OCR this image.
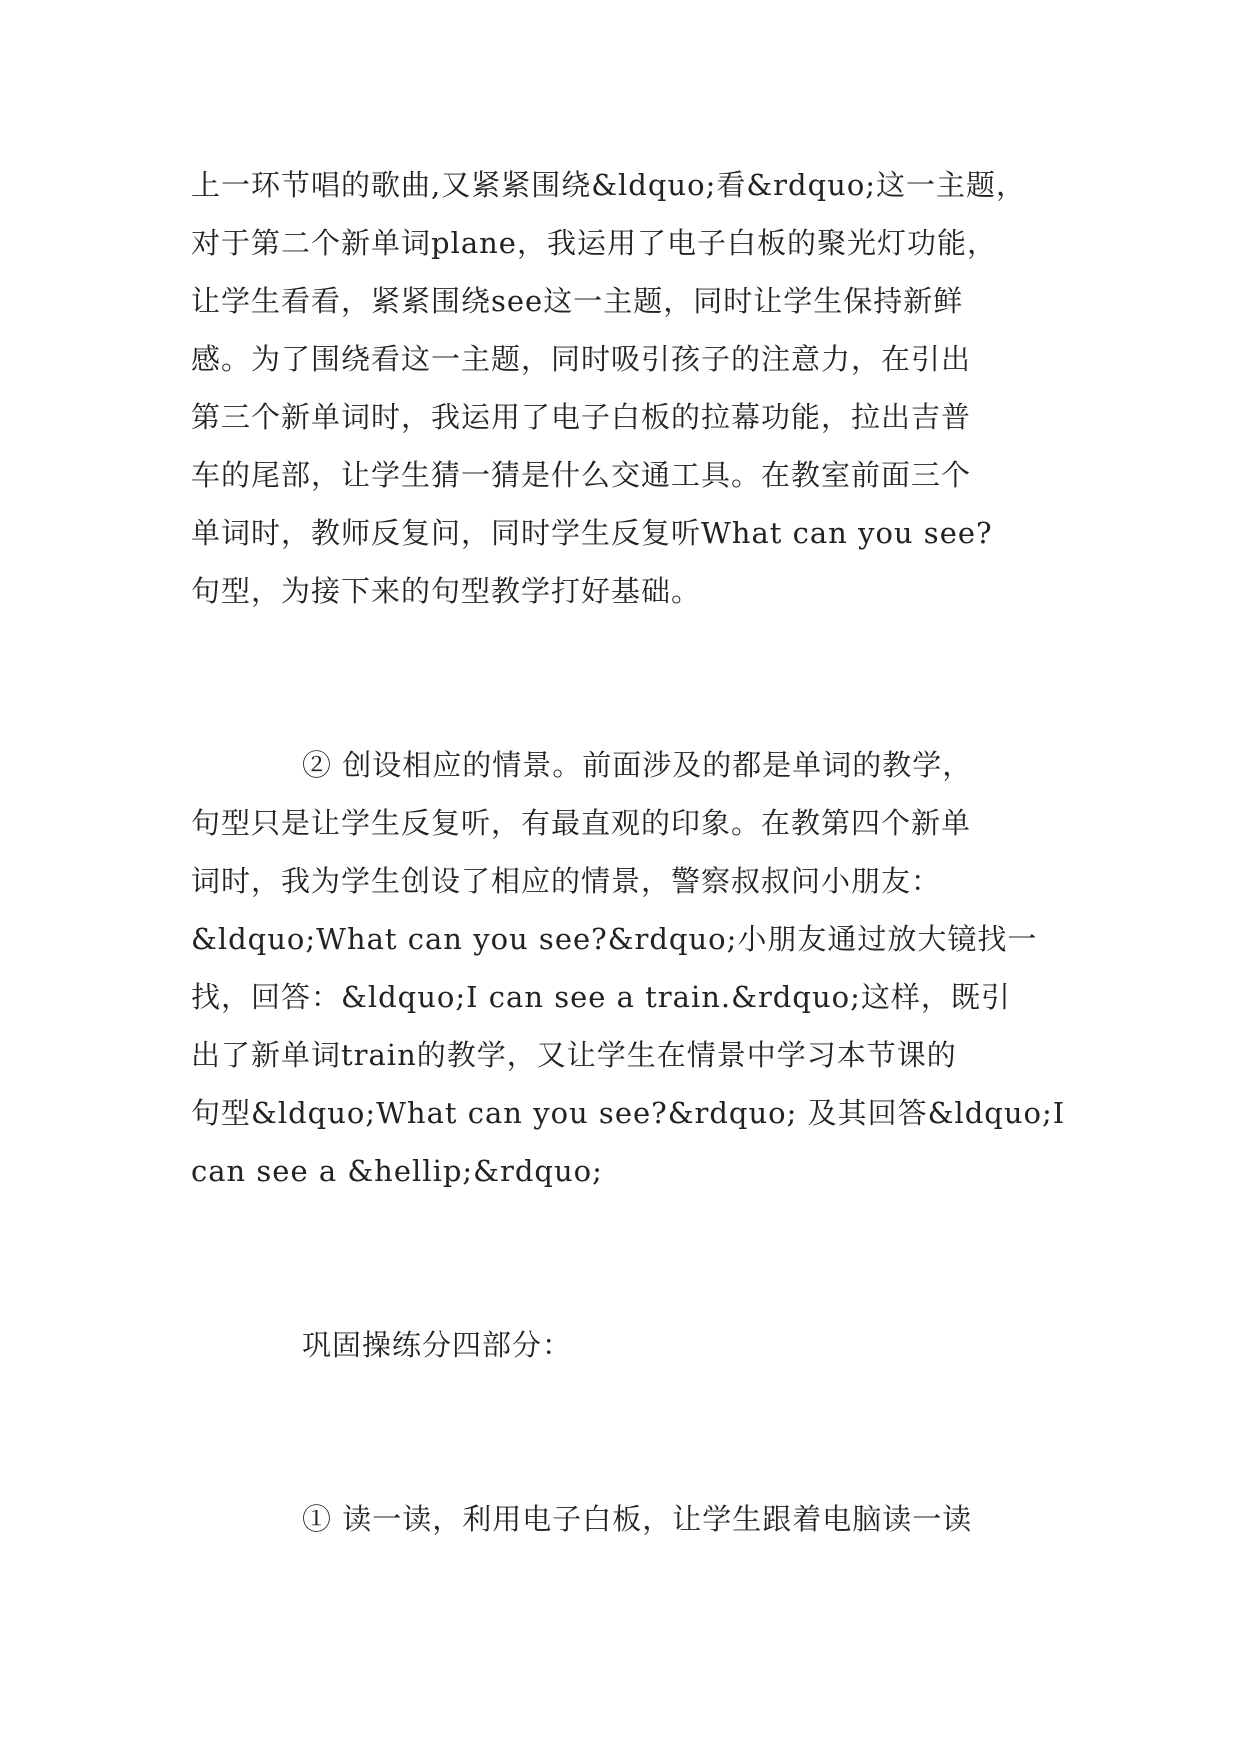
上一环节唱的歌曲,又紧紧围绕&ldquo;看&rdquo;这一主题，
对于第二个新单词plane，我运用了电子白板的聚光灯功能，
让学生看看，紧紧围绕see这一主题，同时让学生保持新鲜
感。为了围绕看这一主题，同时吸引孩子的注意力，在引出
第三个新单词时，我运用了电子白板的拉幕功能，拉出吉普
车的尾部，让学生猜一猜是什么交通工具。在教室前面三个
单词时，教师反复问，同时学生反复听What can you see?
句型，为接下来的句型教学打好基础。
② 创设相应的情景。前面涉及的都是单词的教学，
句型只是让学生反复听，有最直观的印象。在教第四个新单
词时，我为学生创设了相应的情景，警察叔叔问小朋友：
&ldquo;What can you see?&rdquo;小朋友通过放大镜找一
找，回答：&ldquo;I can see a train.&rdquo;这样，既引
出了新单词train的教学，又让学生在情景中学习本节课的
句型&ldquo;What can you see?&rdquo; 及其回答&ldquo;I
can see a &hellip;&rdquo;
巩固操练分四部分：
① 读一读，利用电子白板，让学生跟着电脑读一读
